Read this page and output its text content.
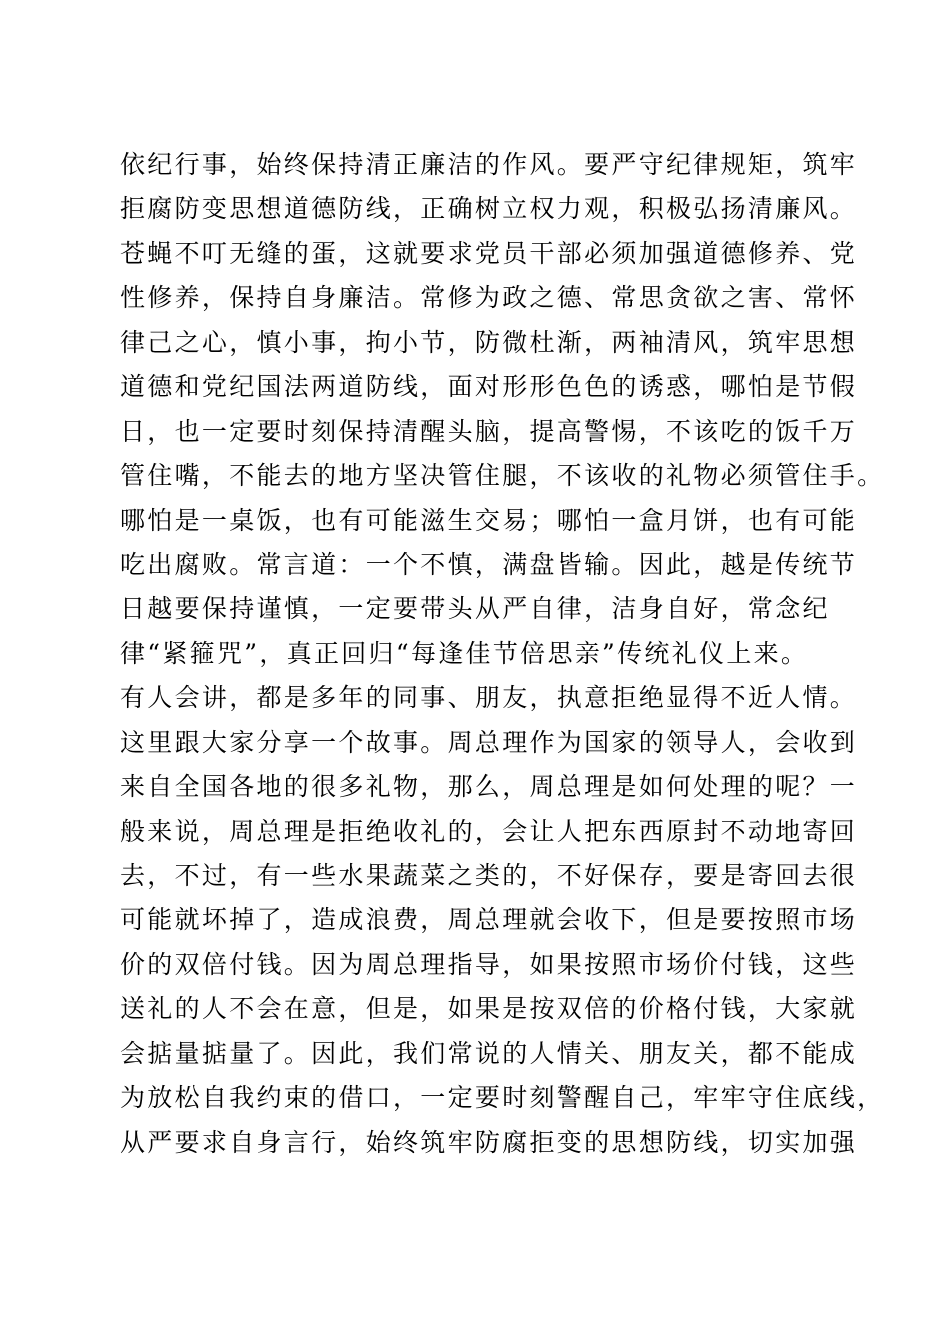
依纪行事，始终保持清正廉洁的作风。要严守纪律规矩，筑牢
拒腐防变思想道德防线，正确树立权力观，积极弘扬清廉风。
苍蝇不叮无缝的蛋，这就要求党员干部必须加强道德修养、党
性修养，保持自身廉洁。常修为政之德、常思贪欲之害、常怀
律己之心，慎小事，拘小节，防微杜渐，两袖清风，筑牢思想
道德和党纪国法两道防线，面对形形色色的诱惑，哪怕是节假
日，也一定要时刻保持清醒头脑，提高警惕，不该吃的饭千万
管住嘴，不能去的地方坚决管住腿，不该收的礼物必须管住手。
哪怕是一桌饭，也有可能滋生交易；哪怕一盒月饼，也有可能
吃出腐败。常言道：一个不慎，满盘皆输。因此，越是传统节
日越要保持谨慎，一定要带头从严自律，洁身自好，常念纪
律“紧箍咒”，真正回归“每逢佳节倍思亲”传统礼仪上来。
有人会讲，都是多年的同事、朋友，执意拒绝显得不近人情。
这里跟大家分享一个故事。周总理作为国家的领导人，会收到
来自全国各地的很多礼物，那么，周总理是如何处理的呢？一
般来说，周总理是拒绝收礼的，会让人把东西原封不动地寄回
去，不过，有一些水果蔬菜之类的，不好保存，要是寄回去很
可能就坏掉了，造成浪费，周总理就会收下，但是要按照市场
价的双倍付钱。因为周总理指导，如果按照市场价付钱，这些
送礼的人不会在意，但是，如果是按双倍的价格付钱，大家就
会掂量掂量了。因此，我们常说的人情关、朋友关，都不能成
为放松自我约束的借口，一定要时刻警醒自己，牢牢守住底线，
从严要求自身言行，始终筑牢防腐拒变的思想防线，切实加强
